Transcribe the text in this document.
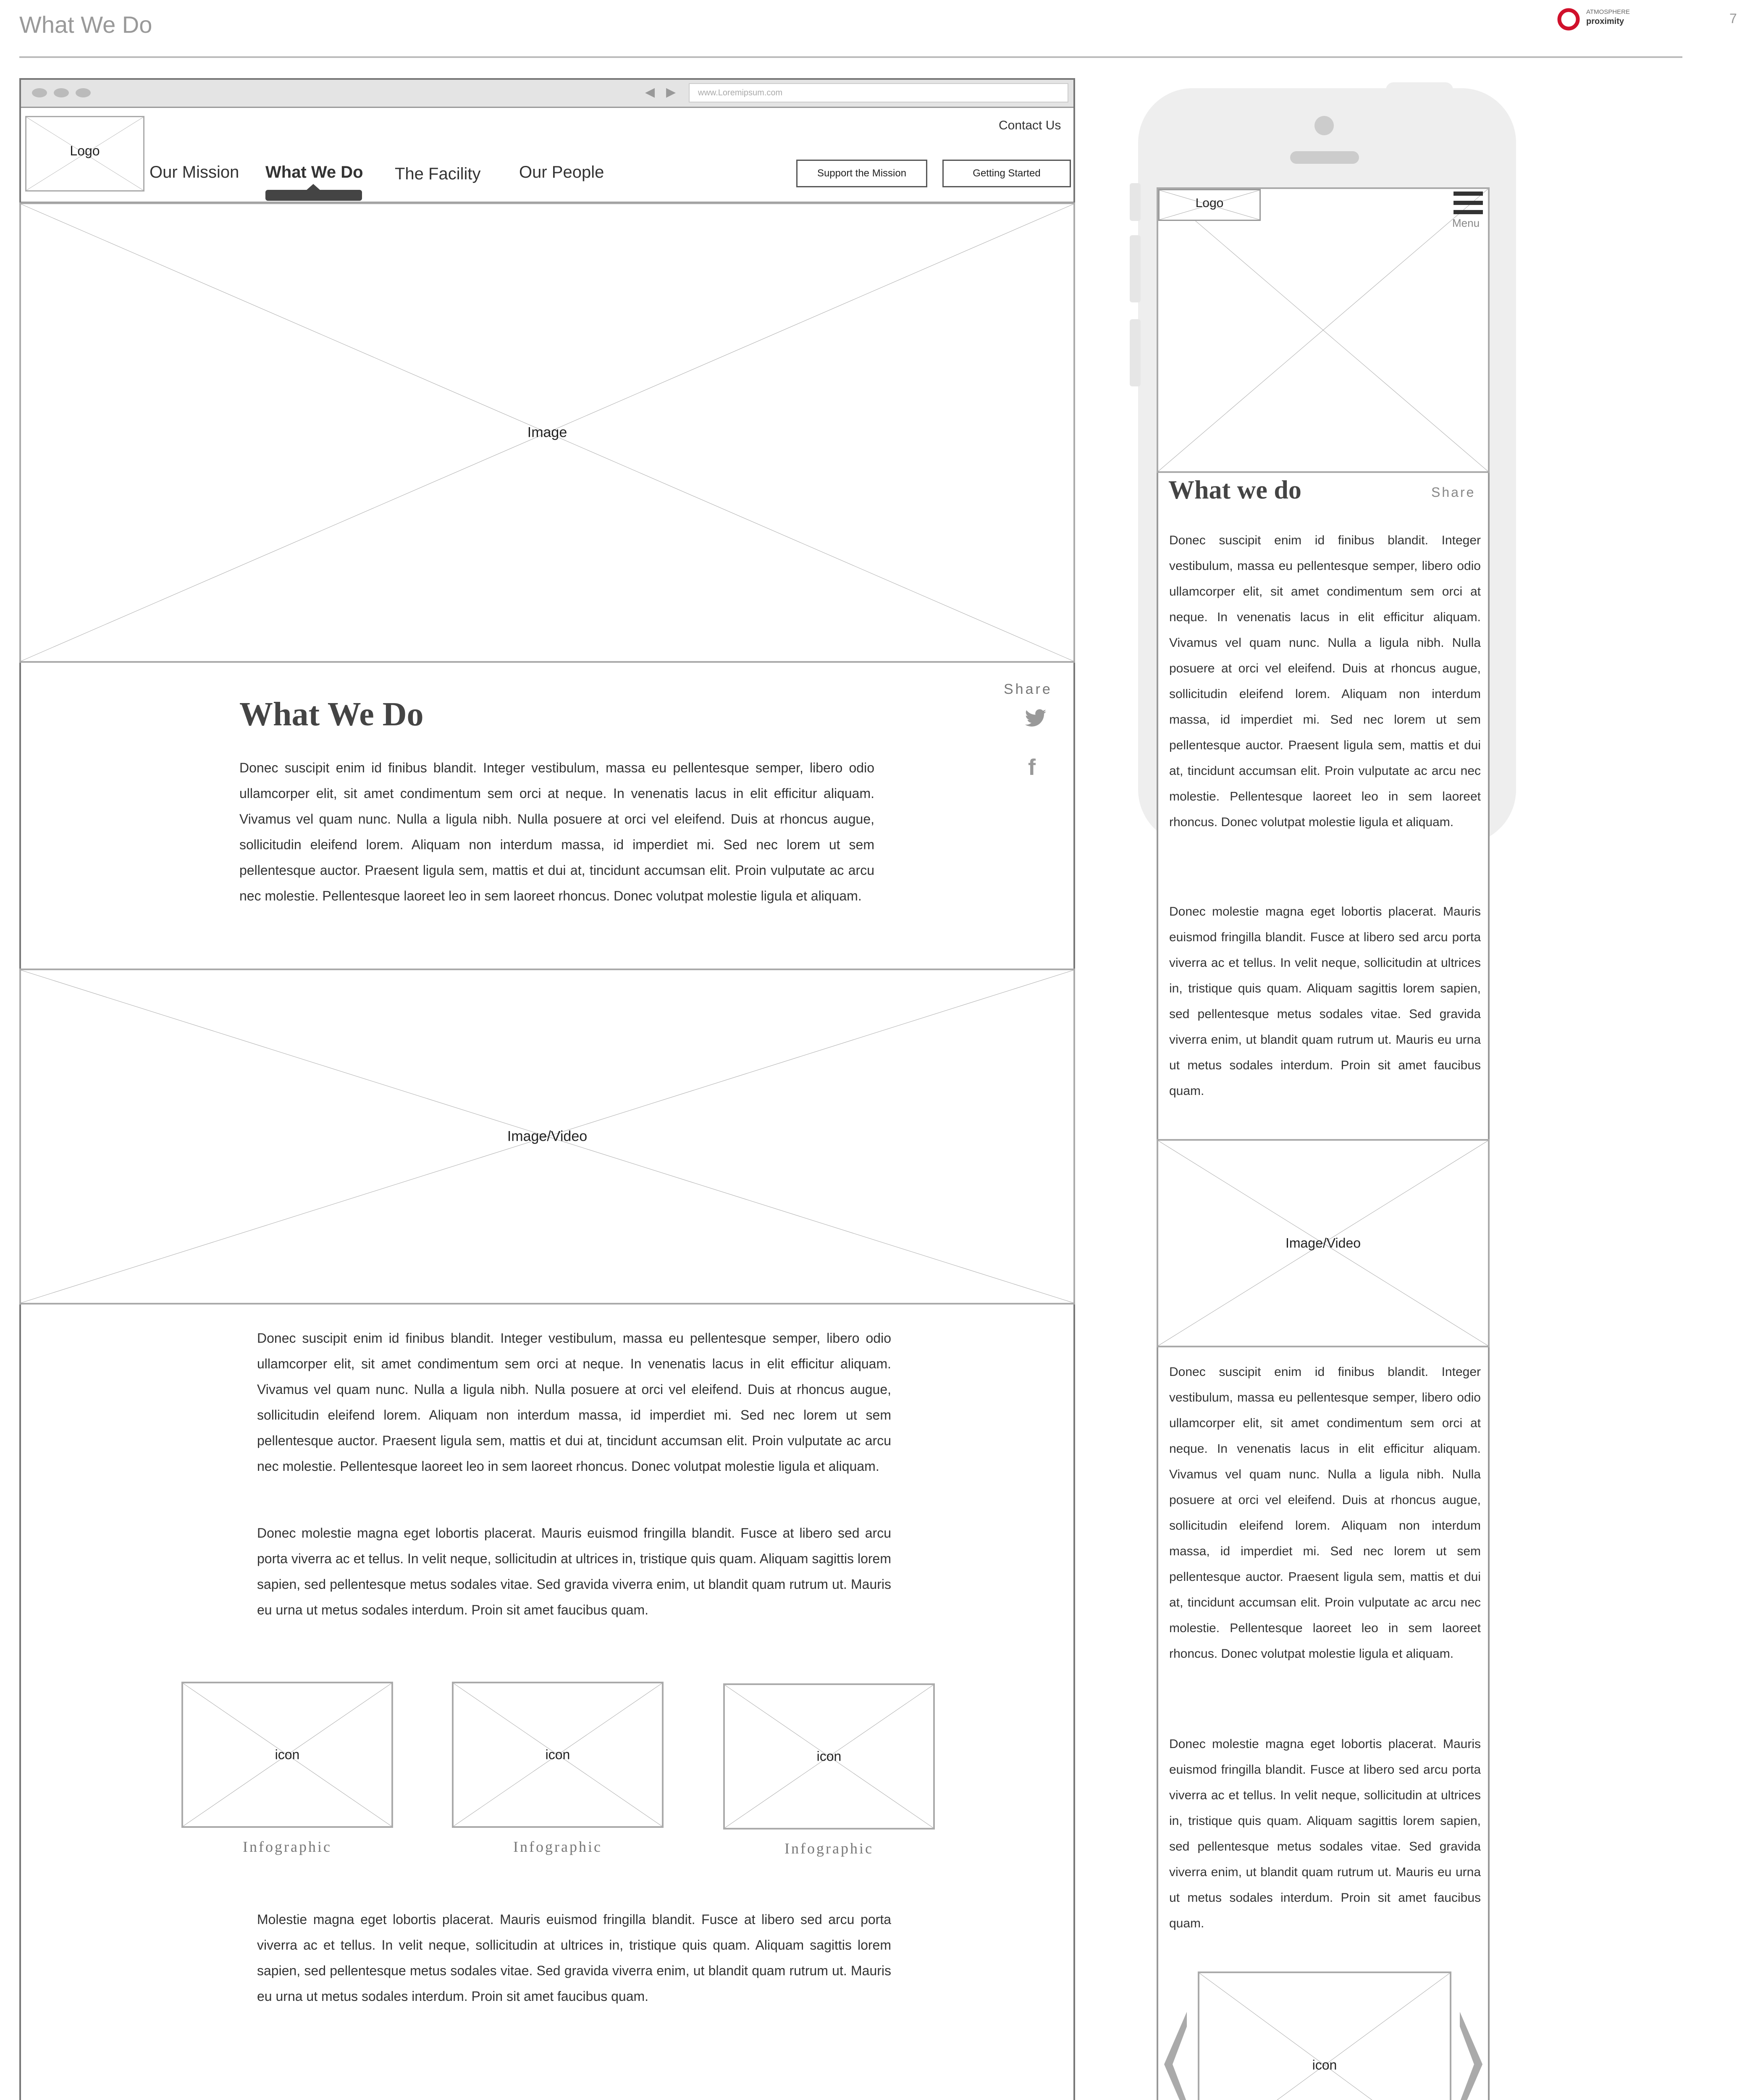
What We Do	ATMOSPHERE
proximity	7
◀ ▶	www.Loremipsum.com
Logo
Contact Us
Our Mission What We Do The Facility Our People	Support the Mission	Getting Started
Image
What We Do
Donec suscipit enim id finibus blandit. Integer vestibulum, massa eu pellentesque semper, libero odio ullamcorper elit, sit amet condimentum sem orci at neque. In venenatis lacus in elit efficitur aliquam. Vivamus vel quam nunc. Nulla a ligula nibh. Nulla posuere at orci vel eleifend. Duis at rhoncus augue, sollicitudin eleifend lorem. Aliquam non interdum massa, id imperdiet mi. Sed nec lorem ut sem pellentesque auctor. Praesent ligula sem, mattis et dui at, tincidunt accumsan elit. Proin vulputate ac arcu nec molestie. Pellentesque laoreet leo in sem laoreet rhoncus. Donec volutpat molestie ligula et aliquam.
Share
f
Image/Video
Donec suscipit enim id finibus blandit. Integer vestibulum, massa eu pellentesque semper, libero odio ullamcorper elit, sit amet condimentum sem orci at neque. In venenatis lacus in elit efficitur aliquam. Vivamus vel quam nunc. Nulla a ligula nibh. Nulla posuere at orci vel eleifend. Duis at rhoncus augue, sollicitudin eleifend lorem. Aliquam non interdum massa, id imperdiet mi. Sed nec lorem ut sem pellentesque auctor. Praesent ligula sem, mattis et dui at, tincidunt accumsan elit. Proin vulputate ac arcu nec molestie. Pellentesque laoreet leo in sem laoreet rhoncus. Donec volutpat molestie ligula et aliquam.
Donec molestie magna eget lobortis placerat. Mauris euismod fringilla blandit. Fusce at libero sed arcu porta viverra ac et tellus. In velit neque, sollicitudin at ultrices in, tristique quis quam. Aliquam sagittis lorem sapien, sed pellentesque metus sodales vitae. Sed gravida viverra enim, ut blandit quam rutrum ut. Mauris eu urna ut metus sodales interdum. Proin sit amet faucibus quam.
icon
Infographic
icon
Infographic
icon
Infographic
Molestie magna eget lobortis placerat. Mauris euismod fringilla blandit. Fusce at libero sed arcu porta viverra ac et tellus. In velit neque, sollicitudin at ultrices in, tristique quis quam. Aliquam sagittis lorem sapien, sed pellentesque metus sodales vitae. Sed gravida viverra enim, ut blandit quam rutrum ut. Mauris eu urna ut metus sodales interdum. Proin sit amet faucibus quam.
Logo
Menu
What we do	Share
Donec suscipit enim id finibus blandit. Integer vestibulum, massa eu pellentesque semper, libero odio ullamcorper elit, sit amet condimentum sem orci at neque. In venenatis lacus in elit efficitur aliquam. Vivamus vel quam nunc. Nulla a ligula nibh. Nulla posuere at orci vel eleifend. Duis at rhoncus augue, sollicitudin eleifend lorem. Aliquam non interdum massa, id imperdiet mi. Sed nec lorem ut sem pellentesque auctor. Praesent ligula sem, mattis et dui at, tincidunt accumsan elit. Proin vulputate ac arcu nec molestie. Pellentesque laoreet leo in sem laoreet rhoncus. Donec volutpat molestie ligula et aliquam.
Donec molestie magna eget lobortis placerat. Mauris euismod fringilla blandit. Fusce at libero sed arcu porta viverra ac et tellus. In velit neque, sollicitudin at ultrices in, tristique quis quam. Aliquam sagittis lorem sapien, sed pellentesque metus sodales vitae. Sed gravida viverra enim, ut blandit quam rutrum ut. Mauris eu urna ut metus sodales interdum. Proin sit amet faucibus quam.
Image/Video
Donec suscipit enim id finibus blandit. Integer vestibulum, massa eu pellentesque semper, libero odio ullamcorper elit, sit amet condimentum sem orci at neque. In venenatis lacus in elit efficitur aliquam. Vivamus vel quam nunc. Nulla a ligula nibh. Nulla posuere at orci vel eleifend. Duis at rhoncus augue, sollicitudin eleifend lorem. Aliquam non interdum massa, id imperdiet mi. Sed nec lorem ut sem pellentesque auctor. Praesent ligula sem, mattis et dui at, tincidunt accumsan elit. Proin vulputate ac arcu nec molestie. Pellentesque laoreet leo in sem laoreet rhoncus. Donec volutpat molestie ligula et aliquam.
Donec molestie magna eget lobortis placerat. Mauris euismod fringilla blandit. Fusce at libero sed arcu porta viverra ac et tellus. In velit neque, sollicitudin at ultrices in, tristique quis quam. Aliquam sagittis lorem sapien, sed pellentesque metus sodales vitae. Sed gravida viverra enim, ut blandit quam rutrum ut. Mauris eu urna ut metus sodales interdum. Proin sit amet faucibus quam.
icon
